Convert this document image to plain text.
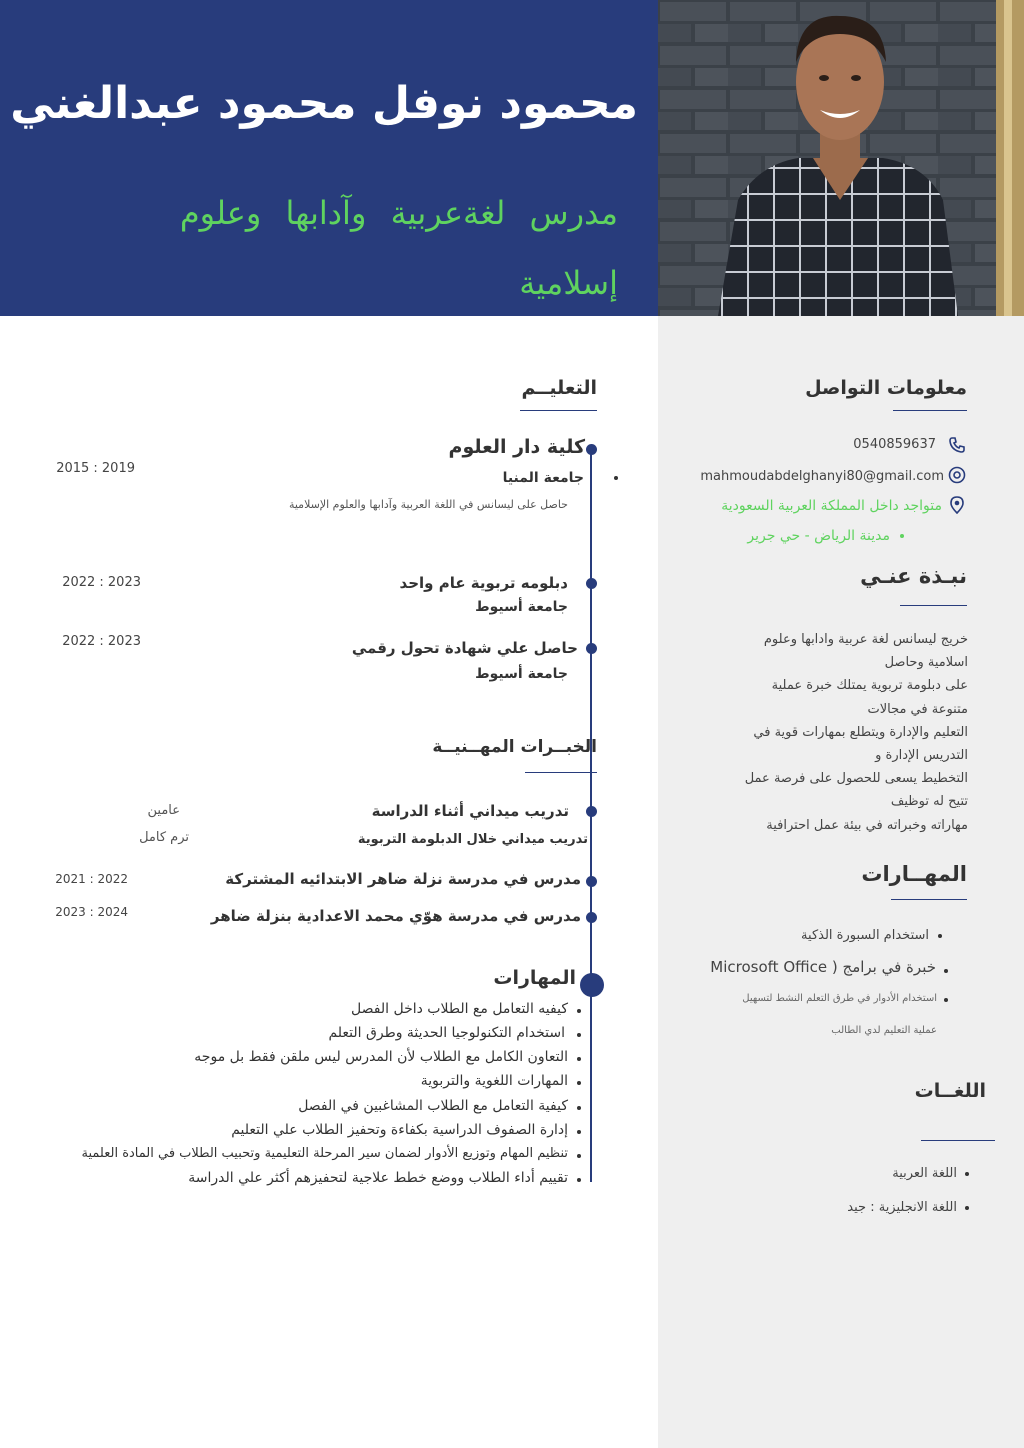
محمود نوفل محمود عبدالغني
مدرس لغةعربية وآدابها وعلوم إسلامية
معلومات التواصل
0540859637
mahmoudabdelghanyi80@gmail.com
متواجد داخل المملكة العربية السعودية
مدينة الرياض - حي جرير
نبـذة عنـي
خريج ليسانس لغة عربية وادابها وعلوم
اسلامية وحاصل
على دبلومة تربوية يمتلك خبرة عملية
متنوعة في مجالات
التعليم والإدارة ويتطلع بمهارات قوية في
التدريس الإدارة و
التخطيط يسعى للحصول على فرصة عمل
تتيح له توظيف
مهاراته وخبراته في بيئة عمل احترافية
المهــارات
استخدام السبورة الذكية
خبرة في برامج ( Microsoft Office
استخدام الأدوار في طرق التعلم النشط لتسهيل
عملية التعليم لدي الطالب
اللغــات
اللغة العربية
اللغة الانجليزية : جيد
التعليــم
كلية دار العلوم
جامعة المنيا
حاصل على ليسانس في اللغة العربية وآدابها والعلوم الإسلامية
2015 : 2019
دبلومه تربوية عام واحد
جامعة أسيوط
2022 : 2023
حاصل علي شهادة تحول رقمي
جامعة أسيوط
2022 : 2023
الخبــرات المهــنيــة
تدريب ميداني أثناء الدراسة
عامين
تدريب ميداني خلال الدبلومة التربوية
ترم كامل
مدرس في مدرسة نزلة ضاهر الابتدائيه المشتركة
2021 : 2022
مدرس في مدرسة هوّي محمد الاعدادية بنزلة ضاهر
2023 : 2024
المهارات
كيفيه التعامل مع الطلاب داخل الفصل
استخدام التكنولوجيا الحديثة وطرق التعلم
التعاون الكامل مع الطلاب لأن المدرس ليس ملقن فقط بل موجه
المهارات اللغوية والتربوية
كيفية التعامل مع الطلاب المشاغبين في الفصل
إدارة الصفوف الدراسية بكفاءة وتحفيز الطلاب علي التعليم
تنظيم المهام وتوزيع الأدوار لضمان سير المرحلة التعليمية وتحبيب الطلاب في المادة العلمية
تقييم أداء الطلاب ووضع خطط علاجية لتحفيزهم أكثر علي الدراسة
